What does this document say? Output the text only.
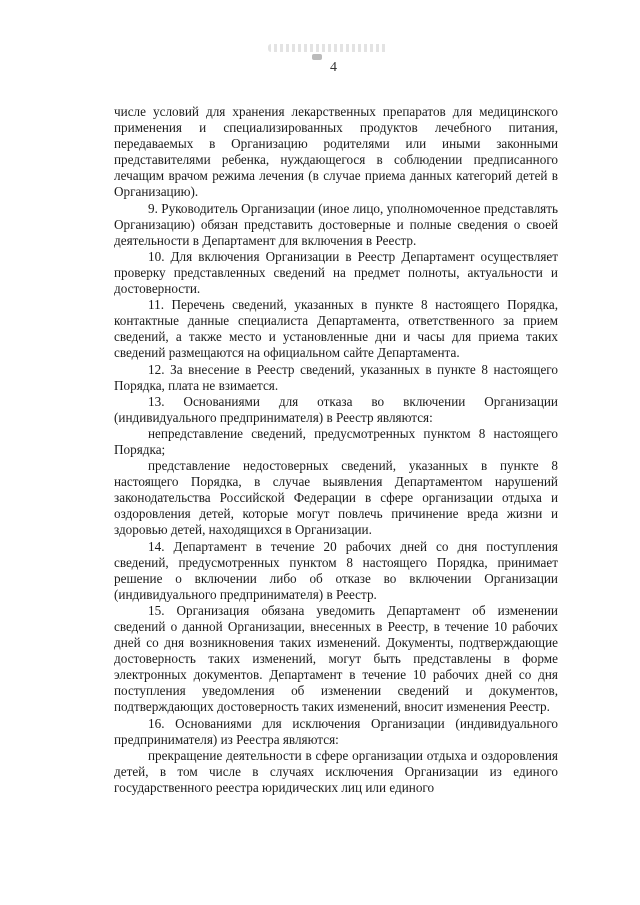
4

числе условий для хранения лекарственных препаратов для медицинского применения и специализированных продуктов лечебного питания, передаваемых в Организацию родителями или иными законными представителями ребенка, нуждающегося в соблюдении предписанного лечащим врачом режима лечения (в случае приема данных категорий детей в Организацию).

9. Руководитель Организации (иное лицо, уполномоченное представлять Организацию) обязан представить достоверные и полные сведения о своей деятельности в Департамент для включения в Реестр.

10. Для включения Организации в Реестр Департамент осуществляет проверку представленных сведений на предмет полноты, актуальности и достоверности.

11. Перечень сведений, указанных в пункте 8 настоящего Порядка, контактные данные специалиста Департамента, ответственного за прием сведений, а также место и установленные дни и часы для приема таких сведений размещаются на официальном сайте Департамента.

12. За внесение в Реестр сведений, указанных в пункте 8 настоящего Порядка, плата не взимается.

13. Основаниями для отказа во включении Организации (индивидуального предпринимателя) в Реестр являются:

непредставление сведений, предусмотренных пунктом 8 настоящего Порядка;

представление недостоверных сведений, указанных в пункте 8 настоящего Порядка, в случае выявления Департаментом нарушений законодательства Российской Федерации в сфере организации отдыха и оздоровления детей, которые могут повлечь причинение вреда жизни и здоровью детей, находящихся в Организации.

14. Департамент в течение 20 рабочих дней со дня поступления сведений, предусмотренных пунктом 8 настоящего Порядка, принимает решение о включении либо об отказе во включении Организации (индивидуального предпринимателя) в Реестр.

15. Организация обязана уведомить Департамент об изменении сведений о данной Организации, внесенных в Реестр, в течение 10 рабочих дней со дня возникновения таких изменений. Документы, подтверждающие достоверность таких изменений, могут быть представлены в форме электронных документов. Департамент в течение 10 рабочих дней со дня поступления уведомления об изменении сведений и документов, подтверждающих достоверность таких изменений, вносит изменения Реестр.

16. Основаниями для исключения Организации (индивидуального предпринимателя) из Реестра являются:

прекращение деятельности в сфере организации отдыха и оздоровления детей, в том числе в случаях исключения Организации из единого государственного реестра юридических лиц или единого
